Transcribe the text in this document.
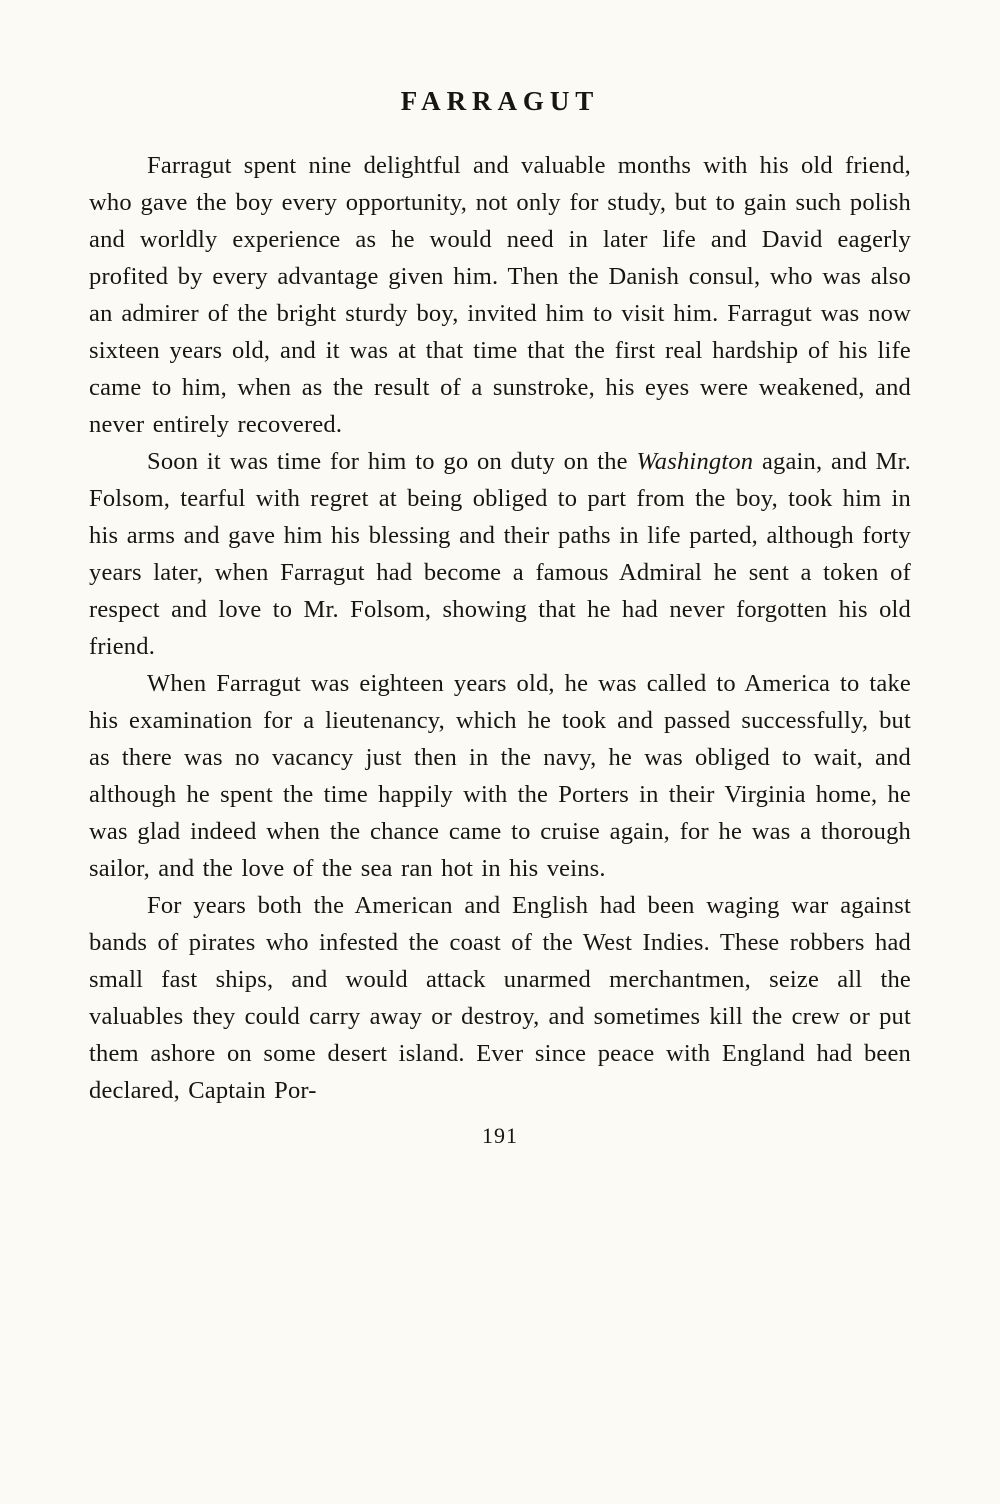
FARRAGUT

Farragut spent nine delightful and valuable months with his old friend, who gave the boy every opportunity, not only for study, but to gain such polish and worldly experience as he would need in later life and David eagerly profited by every advantage given him. Then the Danish consul, who was also an admirer of the bright sturdy boy, invited him to visit him. Farragut was now sixteen years old, and it was at that time that the first real hardship of his life came to him, when as the result of a sunstroke, his eyes were weakened, and never entirely recovered.

Soon it was time for him to go on duty on the Washington again, and Mr. Folsom, tearful with regret at being obliged to part from the boy, took him in his arms and gave him his blessing and their paths in life parted, although forty years later, when Farragut had become a famous Admiral he sent a token of respect and love to Mr. Folsom, showing that he had never forgotten his old friend.

When Farragut was eighteen years old, he was called to America to take his examination for a lieutenancy, which he took and passed successfully, but as there was no vacancy just then in the navy, he was obliged to wait, and although he spent the time happily with the Porters in their Virginia home, he was glad indeed when the chance came to cruise again, for he was a thorough sailor, and the love of the sea ran hot in his veins.

For years both the American and English had been waging war against bands of pirates who infested the coast of the West Indies. These robbers had small fast ships, and would attack unarmed merchantmen, seize all the valuables they could carry away or destroy, and sometimes kill the crew or put them ashore on some desert island. Ever since peace with England had been declared, Captain Por-

191
